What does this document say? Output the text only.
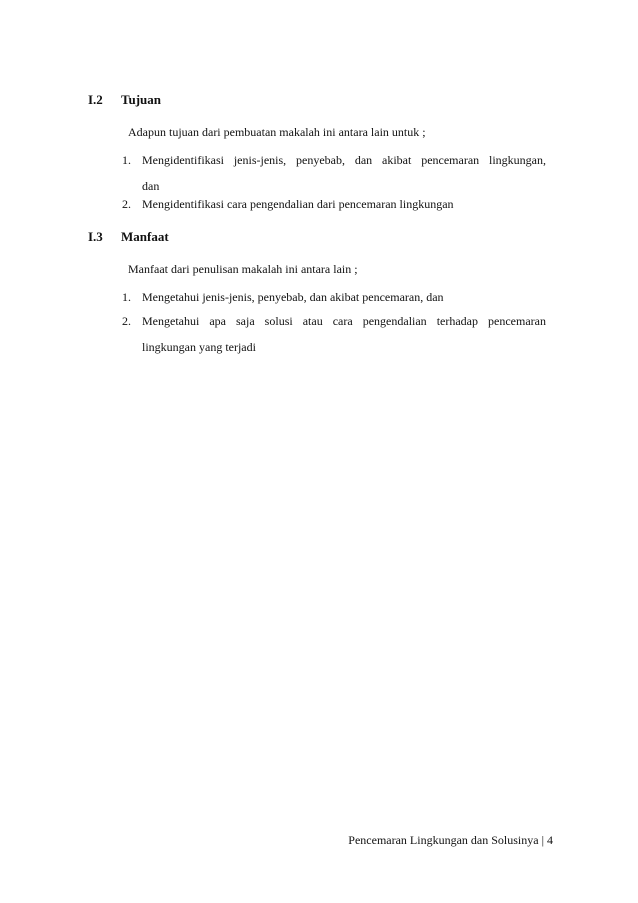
I.2 Tujuan
Adapun tujuan dari pembuatan makalah ini antara lain untuk ;
1. Mengidentifikasi jenis-jenis, penyebab, dan akibat pencemaran lingkungan,
dan
2. Mengidentifikasi cara pengendalian dari pencemaran lingkungan
I.3 Manfaat
Manfaat dari penulisan makalah ini antara lain ;
1. Mengetahui jenis-jenis, penyebab, dan akibat pencemaran, dan
2. Mengetahui apa saja solusi atau cara pengendalian terhadap pencemaran
lingkungan yang terjadi
Pencemaran Lingkungan dan Solusinya | 4
